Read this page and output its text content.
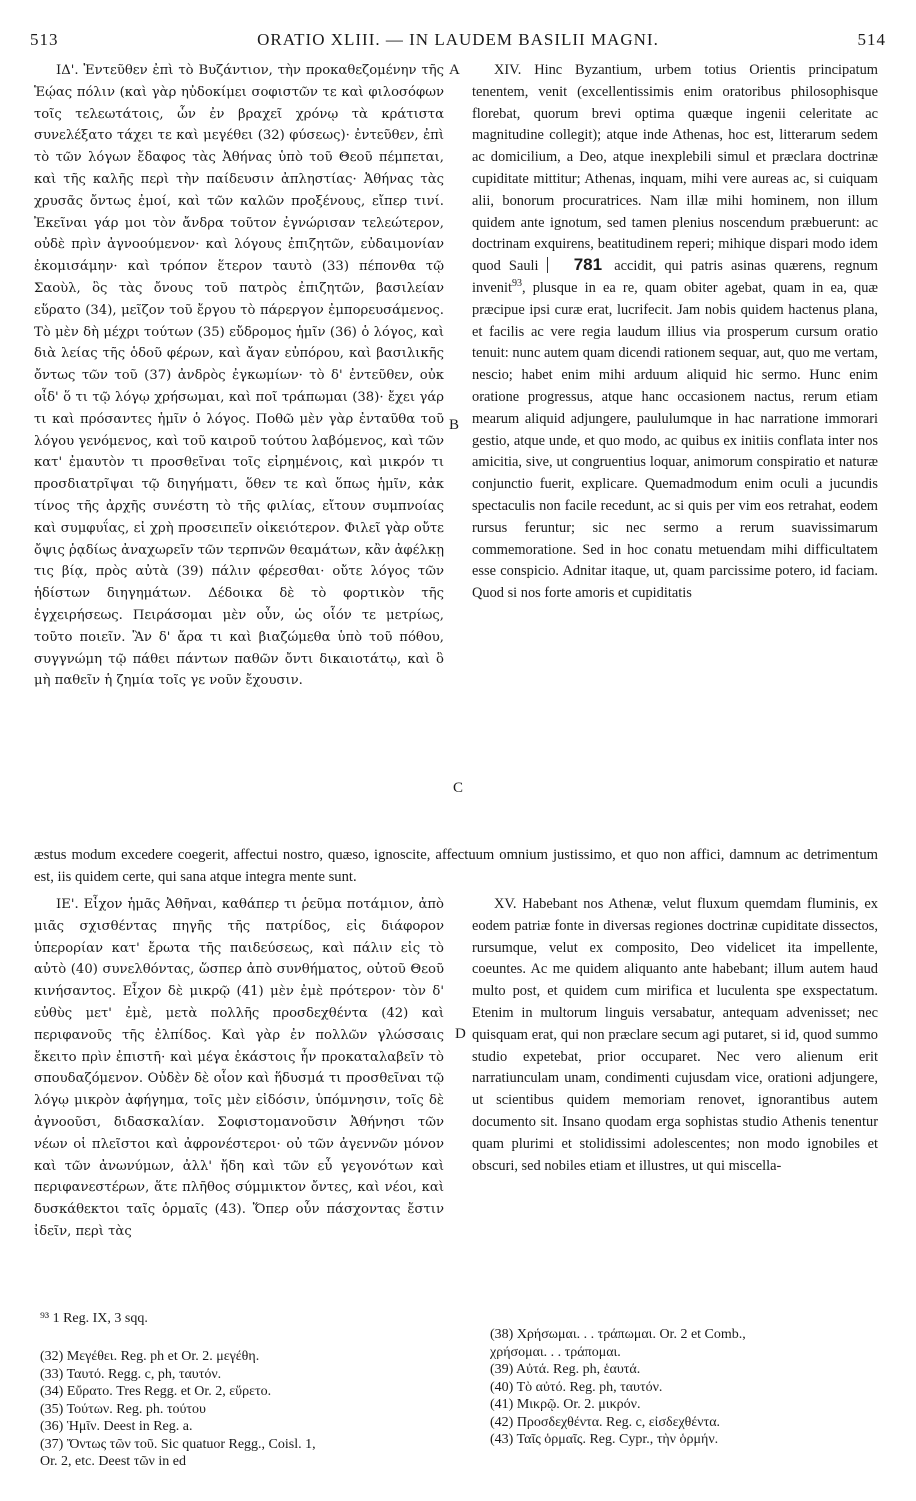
513	ORATIO XLIII. — IN LAUDEM BASILII MAGNI.	514
A
B
C
D

ΙΔ'. Ἐντεῦθεν ἐπὶ τὸ Βυζάντιον, τὴν προκαθεζομένην τῆς Ἑῴας πόλιν (καὶ γὰρ ηὐδοκίμει σοφιστῶν τε καὶ φιλοσόφων τοῖς τελεωτάτοις, ὧν ἐν βραχεῖ χρόνῳ τὰ κράτιστα συνελέξατο τάχει τε καὶ μεγέθει (32) φύσεως)· ἐντεῦθεν, ἐπὶ τὸ τῶν λόγων ἔδαφος τὰς Ἀθήνας ὑπὸ τοῦ Θεοῦ πέμπεται, καὶ τῆς καλῆς περὶ τὴν παίδευσιν ἀπληστίας· Ἀθήνας τὰς χρυσᾶς ὄντως ἐμοί, καὶ τῶν καλῶν προξένους, εἴπερ τινί. Ἐκεῖναι γάρ μοι τὸν ἄνδρα τοῦτον ἐγνώρισαν τελεώτερον, οὐδὲ πρὶν ἀγνοούμενον· καὶ λόγους ἐπιζητῶν, εὐδαιμονίαν ἐκομισάμην· καὶ τρόπον ἕτερον ταυτὸ (33) πέπονθα τῷ Σαοὺλ, ὃς τὰς ὄνους τοῦ πατρὸς ἐπιζητῶν, βασιλείαν εὕρατο (34), μεῖζον τοῦ ἔργου τὸ πάρεργον ἐμπορευσάμενος. Τὸ μὲν δὴ μέχρι τούτων (35) εὔδρομος ἡμῖν (36) ὁ λόγος, καὶ διὰ λείας τῆς ὁδοῦ φέρων, καὶ ἄγαν εὐπόρου, καὶ βασιλικῆς ὄντως τῶν τοῦ (37) ἀνδρὸς ἐγκωμίων· τὸ δ' ἐντεῦθεν, οὐκ οἶδ' ὅ τι τῷ λόγῳ χρήσωμαι, καὶ ποῖ τράπωμαι (38)· ἔχει γάρ τι καὶ πρόσαντες ἡμῖν ὁ λόγος. Ποθῶ μὲν γὰρ ἐνταῦθα τοῦ λόγου γενόμενος, καὶ τοῦ καιροῦ τούτου λαβόμενος, καὶ τῶν κατ' ἐμαυτὸν τι προσθεῖναι τοῖς εἰρημένοις, καὶ μικρόν τι προσδιατρῖψαι τῷ διηγήματι, ὅθεν τε καὶ ὅπως ἡμῖν, κἀκ τίνος τῆς ἀρχῆς συνέστη τὸ τῆς φιλίας, εἴτουν συμπνοίας καὶ συμφυΐας, εἰ χρὴ προσειπεῖν οἰκειότερον. Φιλεῖ γὰρ οὔτε ὄψις ῥᾳδίως ἀναχωρεῖν τῶν τερπνῶν θεαμάτων, κἂν ἀφέλκῃ τις βίᾳ, πρὸς αὐτὰ (39) πάλιν φέρεσθαι· οὔτε λόγος τῶν ἡδίστων διηγημάτων. Δέδοικα δὲ τὸ φορτικὸν τῆς ἐγχειρήσεως. Πειράσομαι μὲν οὖν, ὡς οἷόν τε μετρίως, τοῦτο ποιεῖν. Ἂν δ' ἄρα τι καὶ βιαζώμεθα ὑπὸ τοῦ πόθου, συγγνώμη τῷ πάθει πάντων παθῶν ὄντι δικαιοτάτῳ, καὶ ὃ μὴ παθεῖν ἡ ζημία τοῖς γε νοῦν ἔχουσιν.

XIV. Hinc Byzantium, urbem totius Orientis principatum tenentem, venit (excellentissimis enim oratoribus philosophisque florebat, quorum brevi optima quæque ingenii celeritate ac magnitudine collegit); atque inde Athenas, hoc est, litterarum sedem ac domicilium, a Deo, atque inexplebili simul et præclara doctrinæ cupiditate mittitur; Athenas, inquam, mihi vere aureas ac, si cuiquam alii, bonorum procuratrices. Nam illæ mihi hominem, non illum quidem ante ignotum, sed tamen plenius noscendum præbuerunt: ac doctrinam exquirens, beatitudinem reperi; mihique dispari modo idem quod Sauli 781 accidit, qui patris asinas quærens, regnum invenit$^{93}$, plusque in ea re, quam obiter agebat, quam in ea, quæ præcipue ipsi curæ erat, lucrifecit. Jam nobis quidem hactenus plana, et facilis ac vere regia laudum illius via prosperum cursum oratio tenuit: nunc autem quam dicendi rationem sequar, aut, quo me vertam, nescio; habet enim mihi arduum aliquid hic sermo. Hunc enim oratione progressus, atque hanc occasionem nactus, rerum etiam mearum aliquid adjungere, paululumque in hac narratione immorari gestio, atque unde, et quo modo, ac quibus ex initiis conflata inter nos amicitia, sive, ut congruentius loquar, animorum conspiratio et naturæ conjunctio fuerit, explicare. Quemadmodum enim oculi a jucundis spectaculis non facile recedunt, ac si quis per vim eos retrahat, eodem rursus feruntur; sic nec sermo a rerum suavissimarum commemoratione. Sed in hoc conatu metuendam mihi difficultatem esse conspicio. Adnitar itaque, ut, quam parcissime potero, id faciam. Quod si nos forte amoris et cupiditatis

æstus modum excedere coegerit, affectui nostro, quæso, ignoscite, affectuum omnium justissimo, et quo non affici, damnum ac detrimentum est, iis quidem certe, qui sana atque integra mente sunt.

ΙΕ'. Εἶχον ἡμᾶς Ἀθῆναι, καθάπερ τι ῥεῦμα ποτάμιον, ἀπὸ μιᾶς σχισθέντας πηγῆς τῆς πατρίδος, εἰς διάφορον ὑπερορίαν κατ' ἔρωτα τῆς παιδεύσεως, καὶ πάλιν εἰς τὸ αὐτὸ (40) συνελθόντας, ὥσπερ ἀπὸ συνθήματος, οὐτοῦ Θεοῦ κινήσαντος. Εἶχον δὲ μικρῷ (41) μὲν ἐμὲ πρότερον· τὸν δ' εὐθὺς μετ' ἐμὲ, μετὰ πολλῆς προσδεχθέντα (42) καὶ περιφανοῦς τῆς ἐλπίδος. Καὶ γὰρ ἐν πολλῶν γλώσσαις ἔκειτο πρὶν ἐπιστῆ· καὶ μέγα ἑκάστοις ἦν προκαταλαβεῖν τὸ σπουδαζόμενον. Οὐδὲν δὲ οἷον καὶ ἥδυσμά τι προσθεῖναι τῷ λόγῳ μικρὸν ἀφήγημα, τοῖς μὲν εἰδόσιν, ὑπόμνησιν, τοῖς δὲ ἀγνοοῦσι, διδασκαλίαν. Σοφιστομανοῦσιν Ἀθήνησι τῶν νέων οἱ πλεῖστοι καὶ ἀφρονέστεροι· οὐ τῶν ἀγεννῶν μόνον καὶ τῶν ἀνωνύμων, ἀλλ' ἤδη καὶ τῶν εὖ γεγονότων καὶ περιφανεστέρων, ἅτε πλῆθος σύμμικτον ὄντες, καὶ νέοι, καὶ δυσκάθεκτοι ταῖς ὁρμαῖς (43). Ὅπερ οὖν πάσχοντας ἔστιν ἰδεῖν, περὶ τὰς

XV. Habebant nos Athenæ, velut fluxum quemdam fluminis, ex eodem patriæ fonte in diversas regiones doctrinæ cupiditate dissectos, rursumque, velut ex composito, Deo videlicet ita impellente, coeuntes. Ac me quidem aliquanto ante habebant; illum autem haud multo post, et quidem cum mirifica et luculenta spe exspectatum. Etenim in multorum linguis versabatur, antequam advenisset; nec quisquam erat, qui non præclare secum agi putaret, si id, quod summo studio expetebat, prior occuparet. Nec vero alienum erit narratiunculam unam, condimenti cujusdam vice, orationi adjungere, ut scientibus quidem memoriam renovet, ignorantibus autem documento sit. Insano quodam erga sophistas studio Athenis tenentur quam plurimi et stolidissimi adolescentes; non modo ignobiles et obscuri, sed nobiles etiam et illustres, ut qui miscella-

⁹³ 1 Reg. IX, 3 sqq.
(32) Μεγέθει. Reg. ph et Or. 2. μεγέθη.
(33) Ταυτό. Regg. c, ph, ταυτόν.
(34) Εὔρατο. Tres Regg. et Or. 2, εὕρετο.
(35) Τούτων. Reg. ph. τούτου
(36) Ἡμῖν. Deest in Reg. a.
(37) Ὄντως τῶν τοῦ. Sic quatuor Regg., Coisl. 1,
Or. 2, etc. Deest τῶν in ed
(38) Χρήσωμαι. . . τράπωμαι. Or. 2 et Comb.,
χρήσομαι. . . τράπομαι.
(39) Αὐτά. Reg. ph, ἑαυτά.
(40) Τὸ αὐτό. Reg. ph, ταυτόν.
(41) Μικρῷ. Or. 2. μικρόν.
(42) Προσδεχθέντα. Reg. c, εἰσδεχθέντα.
(43) Ταῖς ὁρμαῖς. Reg. Cypr., τὴν ὁρμήν.
